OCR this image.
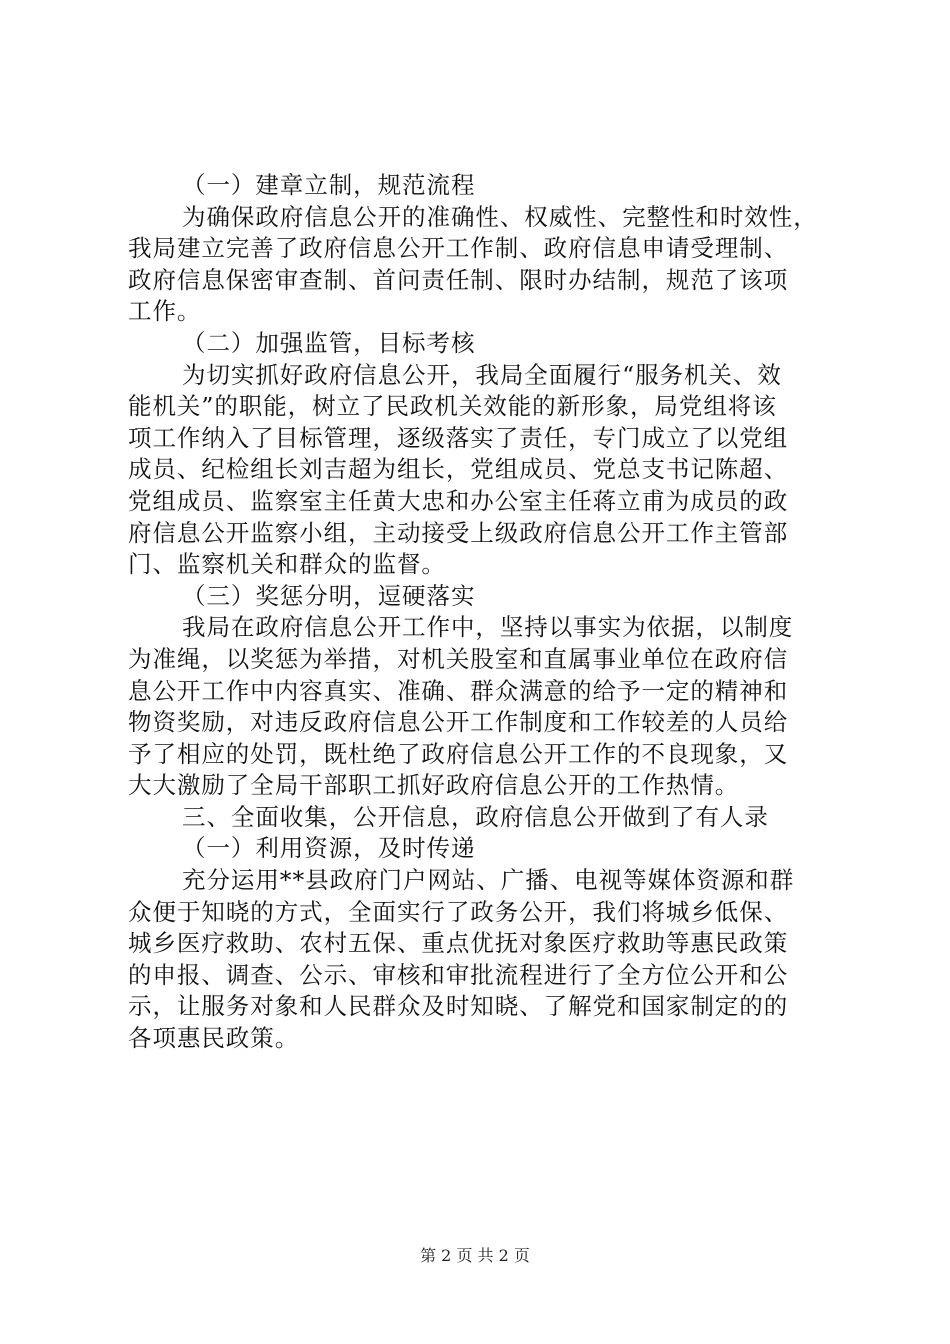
（一）建章立制，规范流程
为确保政府信息公开的准确性、权威性、完整性和时效性，
我局建立完善了政府信息公开工作制、政府信息申请受理制、
政府信息保密审查制、首问责任制、限时办结制，规范了该项
工作。
（二）加强监管，目标考核
为切实抓好政府信息公开，我局全面履行“服务机关、效
能机关”的职能，树立了民政机关效能的新形象，局党组将该
项工作纳入了目标管理，逐级落实了责任，专门成立了以党组
成员、纪检组长刘吉超为组长，党组成员、党总支书记陈超、
党组成员、监察室主任黄大忠和办公室主任蒋立甫为成员的政
府信息公开监察小组，主动接受上级政府信息公开工作主管部
门、监察机关和群众的监督。
（三）奖惩分明，逗硬落实
我局在政府信息公开工作中，坚持以事实为依据，以制度
为准绳，以奖惩为举措，对机关股室和直属事业单位在政府信
息公开工作中内容真实、准确、群众满意的给予一定的精神和
物资奖励，对违反政府信息公开工作制度和工作较差的人员给
予了相应的处罚，既杜绝了政府信息公开工作的不良现象，又
大大激励了全局干部职工抓好政府信息公开的工作热情。
三、全面收集，公开信息，政府信息公开做到了有人录
（一）利用资源，及时传递
充分运用**县政府门户网站、广播、电视等媒体资源和群
众便于知晓的方式，全面实行了政务公开，我们将城乡低保、
城乡医疗救助、农村五保、重点优抚对象医疗救助等惠民政策
的申报、调查、公示、审核和审批流程进行了全方位公开和公
示，让服务对象和人民群众及时知晓、了解党和国家制定的的
各项惠民政策。
第 2 页 共 2 页
